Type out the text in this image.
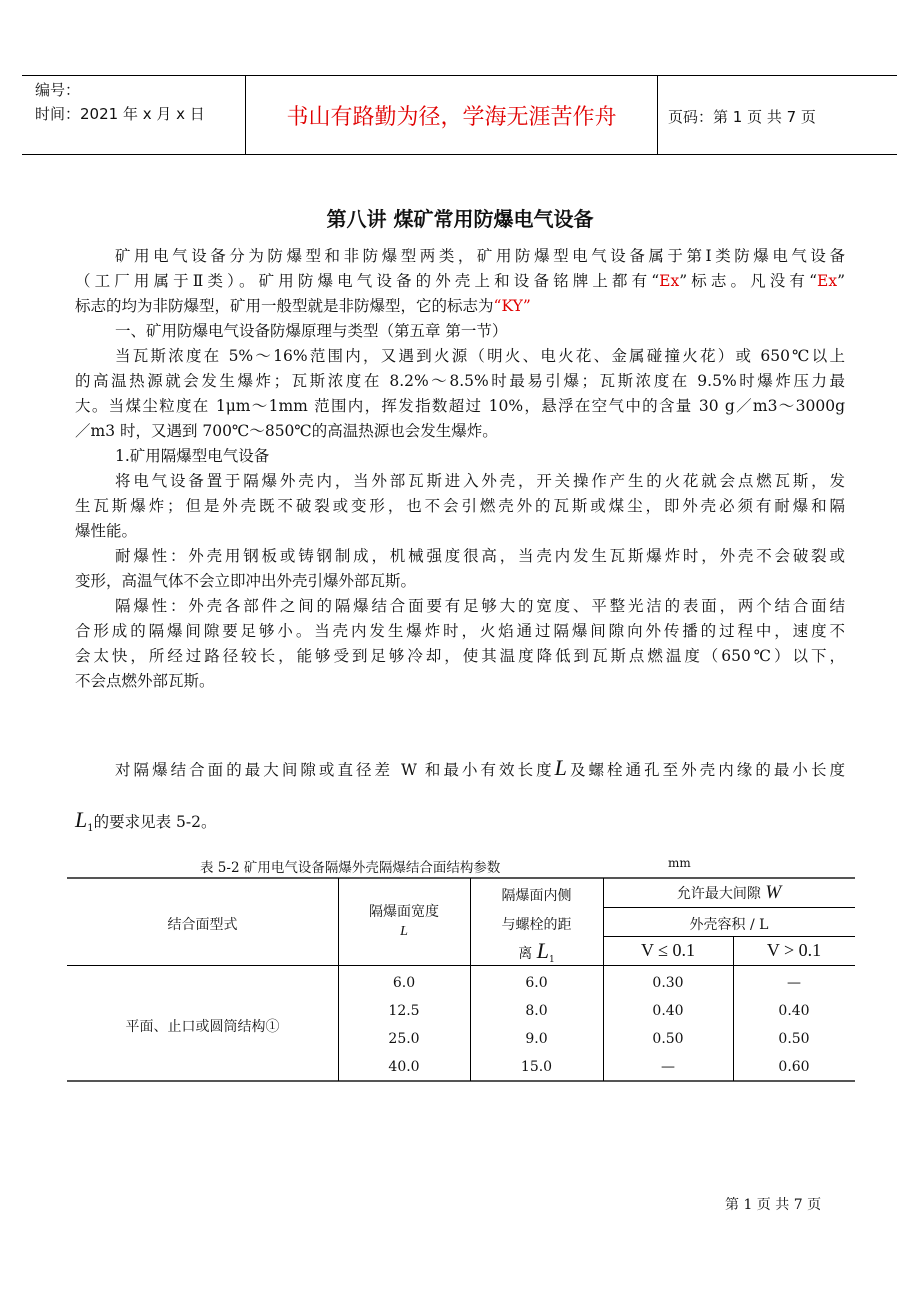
编号：
时间：2021 年 x 月 x 日	书山有路勤为径，学海无涯苦作舟	页码：第 1 页 共 7 页
第八讲 煤矿常用防爆电气设备
矿用电气设备分为防爆型和非防爆型两类，矿用防爆型电气设备属于第Ⅰ类防爆电气设备
（工厂用属于Ⅱ类）。矿用防爆电气设备的外壳上和设备铭牌上都有“Ex”标志。凡没有“Ex”
标志的均为非防爆型，矿用一般型就是非防爆型，它的标志为“KY”
一、矿用防爆电气设备防爆原理与类型（第五章 第一节）
当瓦斯浓度在 5%～16%范围内，又遇到火源（明火、电火花、金属碰撞火花）或 650℃以上
的高温热源就会发生爆炸；瓦斯浓度在 8.2%～8.5%时最易引爆；瓦斯浓度在 9.5%时爆炸压力最
大。当煤尘粒度在 1μm～1mm 范围内，挥发指数超过 10%，悬浮在空气中的含量 30 g／m3～3000g
／m3 时，又遇到 700℃～850℃的高温热源也会发生爆炸。
1.矿用隔爆型电气设备
将电气设备置于隔爆外壳内，当外部瓦斯进入外壳，开关操作产生的火花就会点燃瓦斯，发
生瓦斯爆炸；但是外壳既不破裂或变形，也不会引燃壳外的瓦斯或煤尘，即外壳必须有耐爆和隔
爆性能。
耐爆性：外壳用钢板或铸钢制成，机械强度很高，当壳内发生瓦斯爆炸时，外壳不会破裂或
变形，高温气体不会立即冲出外壳引爆外部瓦斯。
隔爆性：外壳各部件之间的隔爆结合面要有足够大的宽度、平整光洁的表面，两个结合面结
合形成的隔爆间隙要足够小。当壳内发生爆炸时，火焰通过隔爆间隙向外传播的过程中，速度不
会太快，所经过路径较长，能够受到足够冷却，使其温度降低到瓦斯点燃温度（650℃）以下，
不会点燃外部瓦斯。
对隔爆结合面的最大间隙或直径差 W 和最小有效长度L及螺栓通孔至外壳内缘的最小长度
$L_1$的要求见表 5-2。
表 5-2 矿用电气设备隔爆外壳隔爆结合面结构参数	mm
结合面型式
隔爆面宽度
L
隔爆面内侧
与螺栓的距
离 $L_1$
允许最大间隙 W
外壳容积 / L
V ≤ 0.1	V > 0.1
平面、止口或圆筒结构①
6.0	6.0	0.30	—
12.5	8.0	0.40	0.40
25.0	9.0	0.50	0.50
40.0	15.0	—	0.60
第 1 页 共 7 页
